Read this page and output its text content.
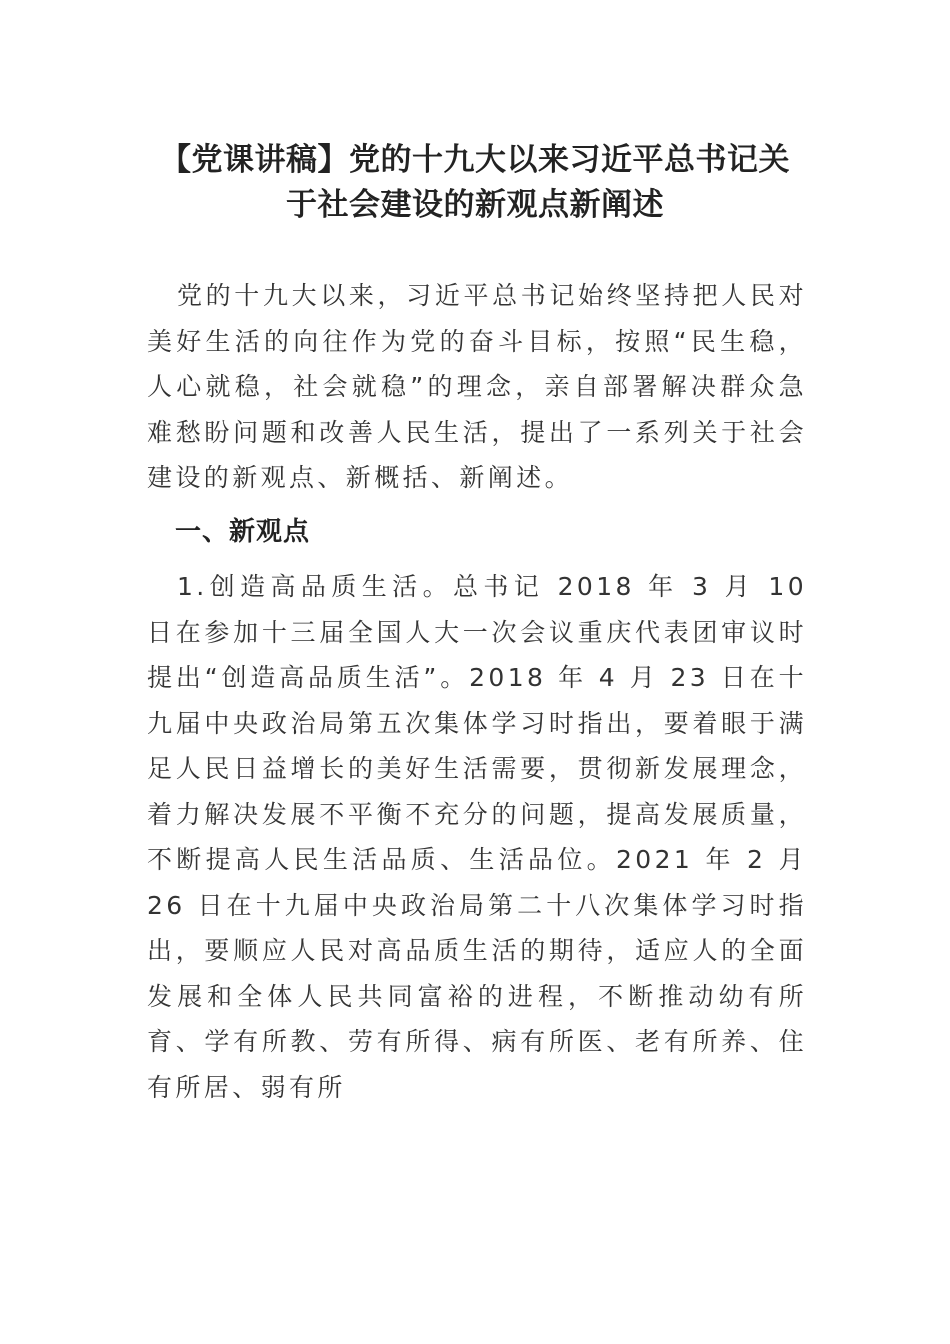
【党课讲稿】党的十九大以来习近平总书记关
于社会建设的新观点新阐述

党的十九大以来，习近平总书记始终坚持把人民对美好生活的向往作为党的奋斗目标，按照“民生稳，人心就稳，社会就稳”的理念，亲自部署解决群众急难愁盼问题和改善人民生活，提出了一系列关于社会建设的新观点、新概括、新阐述。

一、新观点

1.创造高品质生活。总书记 2018 年 3 月 10 日在参加十三届全国人大一次会议重庆代表团审议时提出“创造高品质生活”。2018 年 4 月 23 日在十九届中央政治局第五次集体学习时指出，要着眼于满足人民日益增长的美好生活需要，贯彻新发展理念，着力解决发展不平衡不充分的问题，提高发展质量，不断提高人民生活品质、生活品位。2021 年 2 月 26 日在十九届中央政治局第二十八次集体学习时指出，要顺应人民对高品质生活的期待，适应人的全面发展和全体人民共同富裕的进程，不断推动幼有所育、学有所教、劳有所得、病有所医、老有所养、住有所居、弱有所
